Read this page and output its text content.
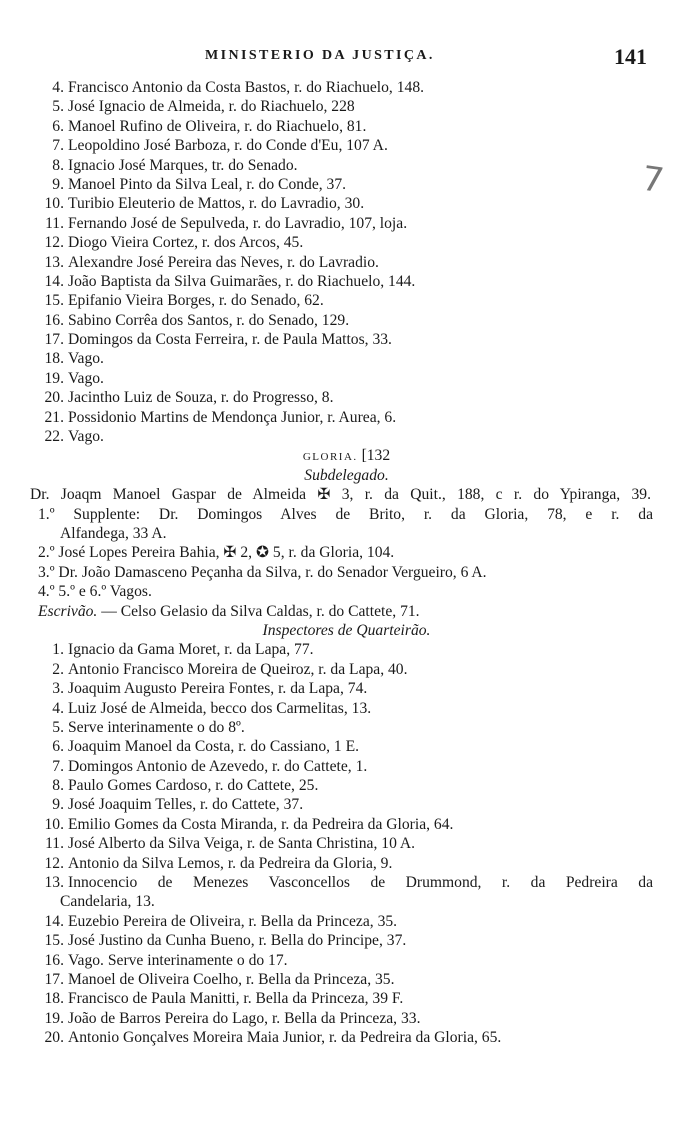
MINISTERIO DA JUSTIÇA.	141
7
4. Francisco Antonio da Costa Bastos, r. do Riachuelo, 148.
5. José Ignacio de Almeida, r. do Riachuelo, 228
6. Manoel Rufino de Oliveira, r. do Riachuelo, 81.
7. Leopoldino José Barboza, r. do Conde d'Eu, 107 A.
8. Ignacio José Marques, tr. do Senado.
9. Manoel Pinto da Silva Leal, r. do Conde, 37.
10. Turibio Eleuterio de Mattos, r. do Lavradio, 30.
11. Fernando José de Sepulveda, r. do Lavradio, 107, loja.
12. Diogo Vieira Cortez, r. dos Arcos, 45.
13. Alexandre José Pereira das Neves, r. do Lavradio.
14. João Baptista da Silva Guimarães, r. do Riachuelo, 144.
15. Epifanio Vieira Borges, r. do Senado, 62.
16. Sabino Corrêa dos Santos, r. do Senado, 129.
17. Domingos da Costa Ferreira, r. de Paula Mattos, 33.
18. Vago.
19. Vago.
20. Jacintho Luiz de Souza, r. do Progresso, 8.
21. Possidonio Martins de Mendonça Junior, r. Aurea, 6.
22. Vago.
GLORIA. [132
Subdelegado.
Dr. Joaqm Manoel Gaspar de Almeida ✠ 3, r. da Quit., 188, c r. do Ypiranga, 39.
1.º Supplente: Dr. Domingos Alves de Brito, r. da Gloria, 78, e r. da
Alfandega, 33 A.
2.º José Lopes Pereira Bahia, ✠ 2, ✪ 5, r. da Gloria, 104.
3.º Dr. João Damasceno Peçanha da Silva, r. do Senador Vergueiro, 6 A.
4.º 5.º e 6.º Vagos.
Escrivão. — Celso Gelasio da Silva Caldas, r. do Cattete, 71.
Inspectores de Quarteirão.
1. Ignacio da Gama Moret, r. da Lapa, 77.
2. Antonio Francisco Moreira de Queiroz, r. da Lapa, 40.
3. Joaquim Augusto Pereira Fontes, r. da Lapa, 74.
4. Luiz José de Almeida, becco dos Carmelitas, 13.
5. Serve interinamente o do 8º.
6. Joaquim Manoel da Costa, r. do Cassiano, 1 E.
7. Domingos Antonio de Azevedo, r. do Cattete, 1.
8. Paulo Gomes Cardoso, r. do Cattete, 25.
9. José Joaquim Telles, r. do Cattete, 37.
10. Emilio Gomes da Costa Miranda, r. da Pedreira da Gloria, 64.
11. José Alberto da Silva Veiga, r. de Santa Christina, 10 A.
12. Antonio da Silva Lemos, r. da Pedreira da Gloria, 9.
13. Innocencio de Menezes Vasconcellos de Drummond, r. da Pedreira da
Candelaria, 13.
14. Euzebio Pereira de Oliveira, r. Bella da Princeza, 35.
15. José Justino da Cunha Bueno, r. Bella do Principe, 37.
16. Vago. Serve interinamente o do 17.
17. Manoel de Oliveira Coelho, r. Bella da Princeza, 35.
18. Francisco de Paula Manitti, r. Bella da Princeza, 39 F.
19. João de Barros Pereira do Lago, r. Bella da Princeza, 33.
20. Antonio Gonçalves Moreira Maia Junior, r. da Pedreira da Gloria, 65.
